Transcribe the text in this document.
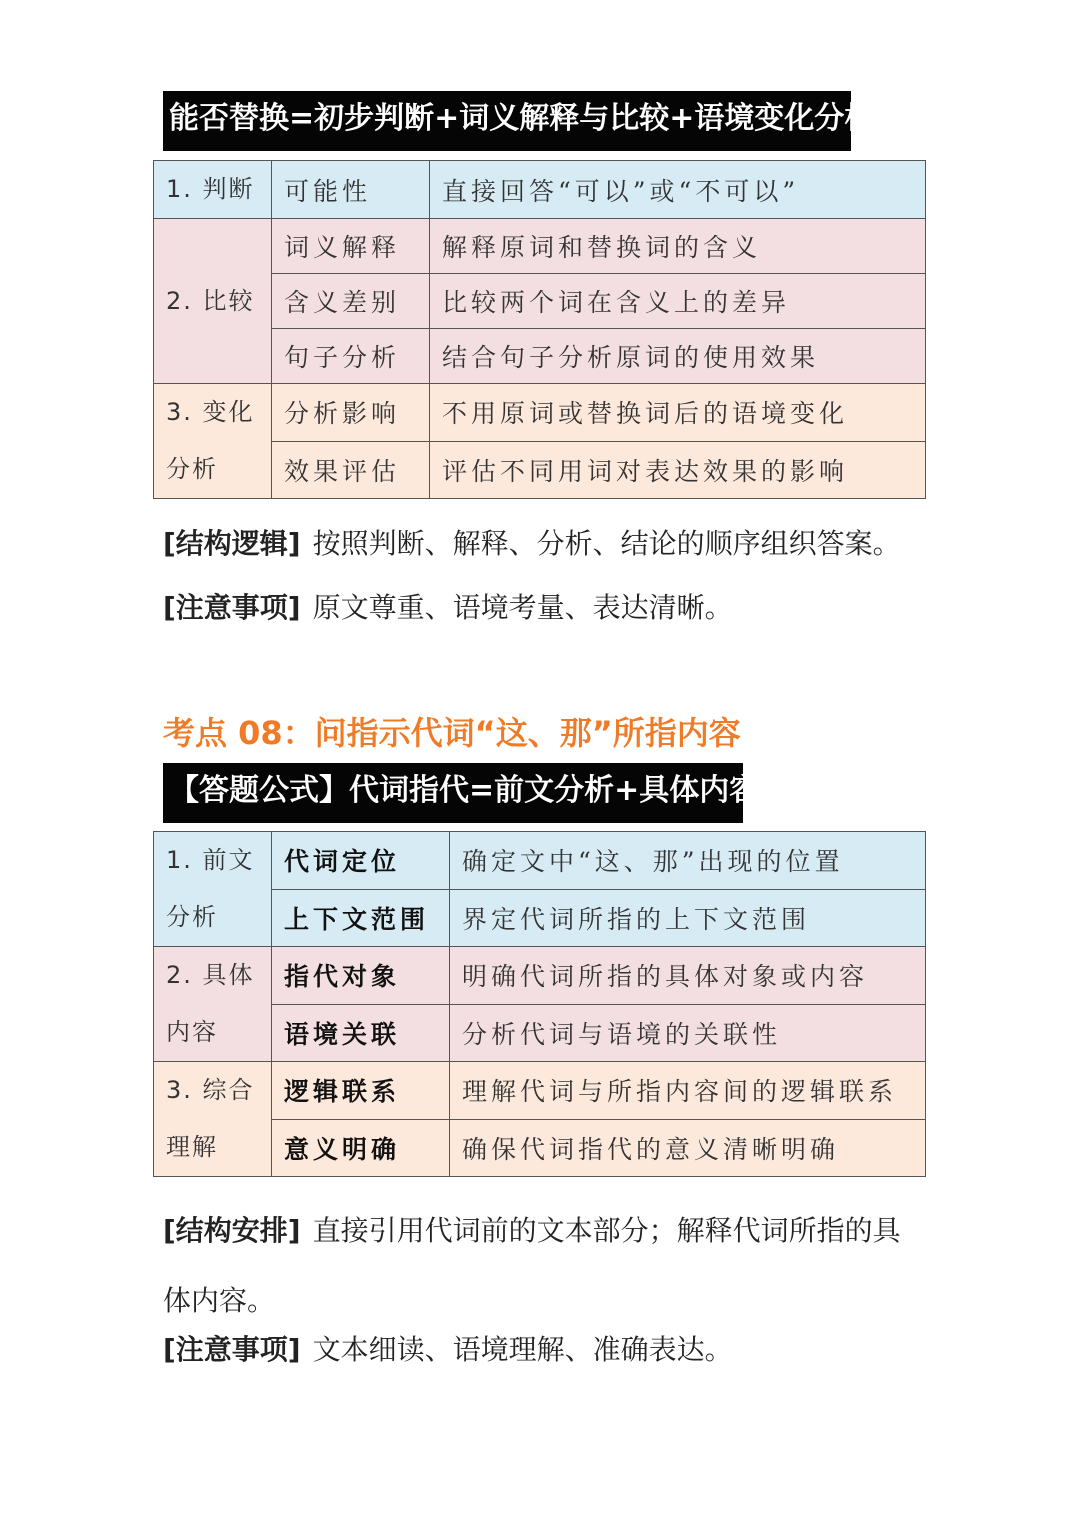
能否替换=初步判断+词义解释与比较+语境变化分析
1. 判断	可能性	直接回答“可以”或“不可以”
2. 比较	词义解释	解释原词和替换词的含义
	含义差别	比较两个词在含义上的差异
	句子分析	结合句子分析原词的使用效果
3. 变化分析	分析影响	不用原词或替换词后的语境变化
	效果评估	评估不同用词对表达效果的影响
[结构逻辑] 按照判断、解释、分析、结论的顺序组织答案。
[注意事项] 原文尊重、语境考量、表达清晰。
考点 08：问指示代词“这、那”所指内容
【答题公式】代词指代=前文分析+具体内容
1. 前文分析	代词定位	确定文中“这、那”出现的位置
	上下文范围	界定代词所指的上下文范围
2. 具体内容	指代对象	明确代词所指的具体对象或内容
	语境关联	分析代词与语境的关联性
3. 综合理解	逻辑联系	理解代词与所指内容间的逻辑联系
	意义明确	确保代词指代的意义清晰明确
[结构安排] 直接引用代词前的文本部分；解释代词所指的具体内容。
[注意事项] 文本细读、语境理解、准确表达。
